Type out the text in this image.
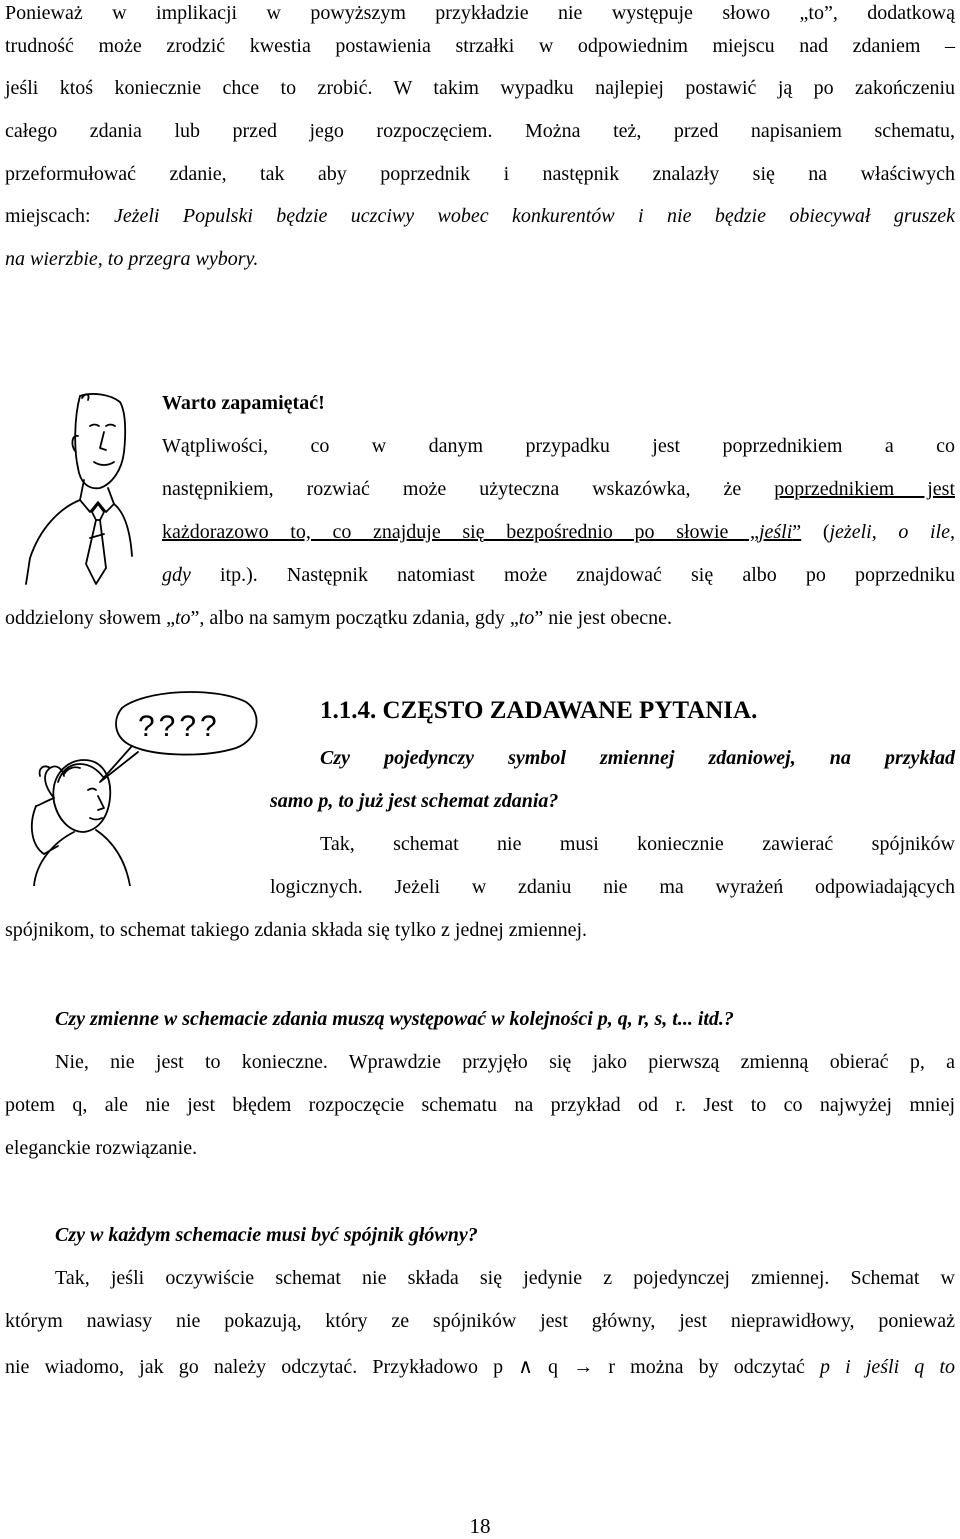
Ponieważ w implikacji w powyższym przykładzie nie występuje słowo „to”, dodatkową
trudność może zrodzić kwestia postawienia strzałki w odpowiednim miejscu nad zdaniem –
jeśli ktoś koniecznie chce to zrobić. W takim wypadku najlepiej postawić ją po zakończeniu
całego zdania lub przed jego rozpoczęciem. Można też, przed napisaniem schematu,
przeformułować zdanie, tak aby poprzednik i następnik znalazły się na właściwych
miejscach: Jeżeli Populski będzie uczciwy wobec konkurentów i nie będzie obiecywał gruszek
na wierzbie, to przegra wybory.
Warto zapamiętać!
Wątpliwości, co w danym przypadku jest poprzednikiem a co
następnikiem, rozwiać może użyteczna wskazówka, że poprzednikiem jest
każdorazowo to, co znajduje się bezpośrednio po słowie „jeśli” (jeżeli, o ile,
gdy itp.). Następnik natomiast może znajdować się albo po poprzedniku
oddzielony słowem „to”, albo na samym początku zdania, gdy „to” nie jest obecne.
????	1.1.4. CZĘSTO ZADAWANE PYTANIA.
Czy pojedynczy symbol zmiennej zdaniowej, na przykład
samo p, to już jest schemat zdania?
Tak, schemat nie musi koniecznie zawierać spójników
logicznych. Jeżeli w zdaniu nie ma wyrażeń odpowiadających
spójnikom, to schemat takiego zdania składa się tylko z jednej zmiennej.
Czy zmienne w schemacie zdania muszą występować w kolejności p, q, r, s, t... itd.?
Nie, nie jest to konieczne. Wprawdzie przyjęło się jako pierwszą zmienną obierać p, a
potem q, ale nie jest błędem rozpoczęcie schematu na przykład od r. Jest to co najwyżej mniej
eleganckie rozwiązanie.
Czy w każdym schemacie musi być spójnik główny?
Tak, jeśli oczywiście schemat nie składa się jedynie z pojedynczej zmiennej. Schemat w
którym nawiasy nie pokazują, który ze spójników jest główny, jest nieprawidłowy, ponieważ
nie wiadomo, jak go należy odczytać. Przykładowo p ∧ q → r można by odczytać p i jeśli q to
18
